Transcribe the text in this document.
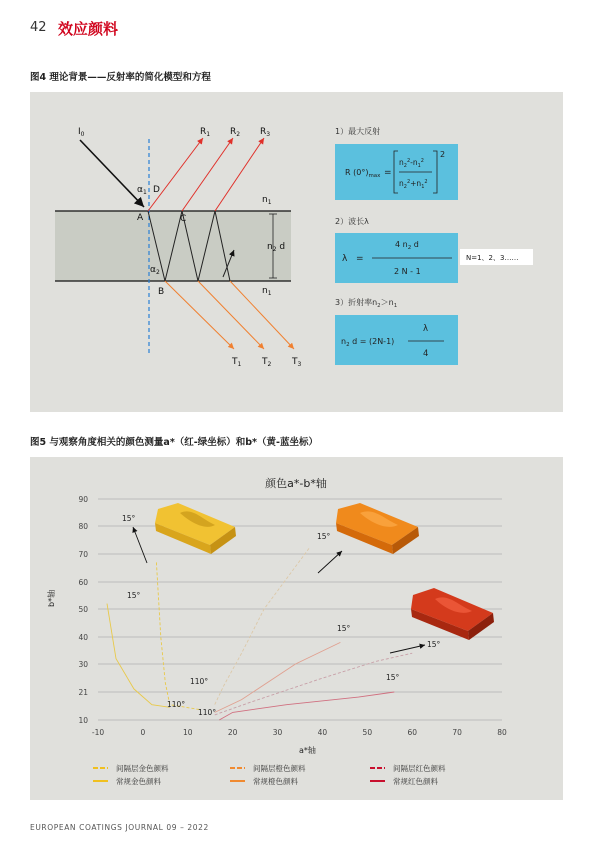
42 效应颜料
图4 理论背景——反射率的简化模型和方程
$I_0$	$R_1$ $R_2$ $R_3$
$T_1$ $T_2$ $T_3$
$\alpha_1$
$\alpha_2$
A
D
C
B
$n_1$
$n_2$ d
$n_1$
1）最大反射
R $(0^\circ)_{max}$ =
$n_2^2-n_1^2$
$n_2^2+n_1^2$
2
2）波长λ
λ =
4 $n_2$ d
2 N - 1
N=1、2、3……
3）折射率$n_2>n_1$
$n_2$ d = (2N-1)
λ
4
图5 与观察角度相关的颜色测量a*（红-绿坐标）和b*（黄-蓝坐标）
颜色a*-b*轴
10
21
30
40
50
60
70
80
90
-10	0	10	20	30	40	50	60	70	80
15°
15°
15°
15°
15°
15°
110°
110°
110°
a*轴
b*轴
间隔层金色颜料	间隔层橙色颜料	间隔层红色颜料
常规金色颜料	常规橙色颜料	常规红色颜料
EUROPEAN COATINGS JOURNAL 09 – 2022
